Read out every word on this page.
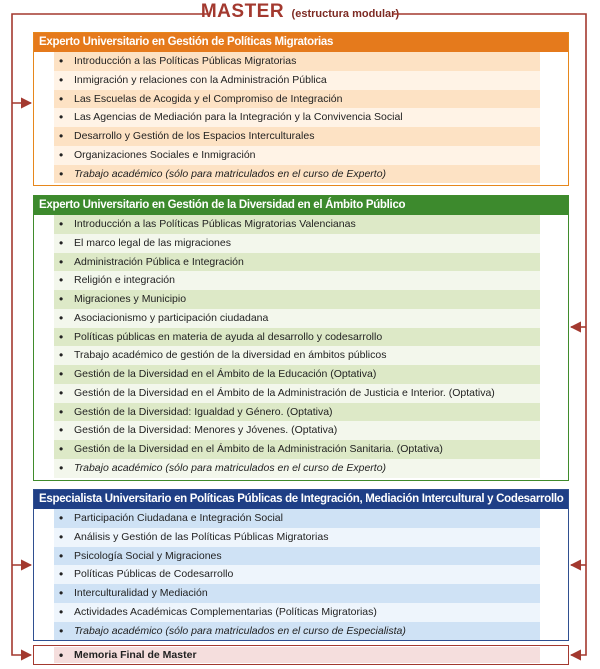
MASTER (estructura modular)
Experto Universitario en Gestión de Políticas Migratorias
• Introducción a las Políticas Públicas Migratorias
• Inmigración y relaciones con la Administración Pública
• Las Escuelas de Acogida y el Compromiso de Integración
• Las Agencias de Mediación para la Integración y la Convivencia Social
• Desarrollo y Gestión de los Espacios Interculturales
• Organizaciones Sociales e Inmigración
• Trabajo académico (sólo para matriculados en el curso de Experto)
Experto Universitario en Gestión de la Diversidad en el Ámbito Público
• Introducción a las Políticas Públicas Migratorias Valencianas
• El marco legal de las migraciones
• Administración Pública e Integración
• Religión e integración
• Migraciones y Municipio
• Asociacionismo y participación ciudadana
• Políticas públicas en materia de ayuda al desarrollo y codesarrollo
• Trabajo académico de gestión de la diversidad en ámbitos públicos
• Gestión de la Diversidad en el Ámbito de la Educación (Optativa)
• Gestión de la Diversidad en el Ámbito de la Administración de Justicia e Interior. (Optativa)
• Gestión de la Diversidad: Igualdad y Género. (Optativa)
• Gestión de la Diversidad: Menores y Jóvenes. (Optativa)
• Gestión de la Diversidad en el Ámbito de la Administración Sanitaria. (Optativa)
• Trabajo académico (sólo para matriculados en el curso de Experto)
Especialista Universitario en Políticas Públicas de Integración, Mediación Intercultural y Codesarrollo
• Participación Ciudadana e Integración Social
• Análisis y Gestión de las Políticas Públicas Migratorias
• Psicología Social y Migraciones
• Políticas Públicas de Codesarrollo
• Interculturalidad y Mediación
• Actividades Académicas Complementarias (Políticas Migratorias)
• Trabajo académico (sólo para matriculados en el curso de Especialista)
• Memoria Final de Master
